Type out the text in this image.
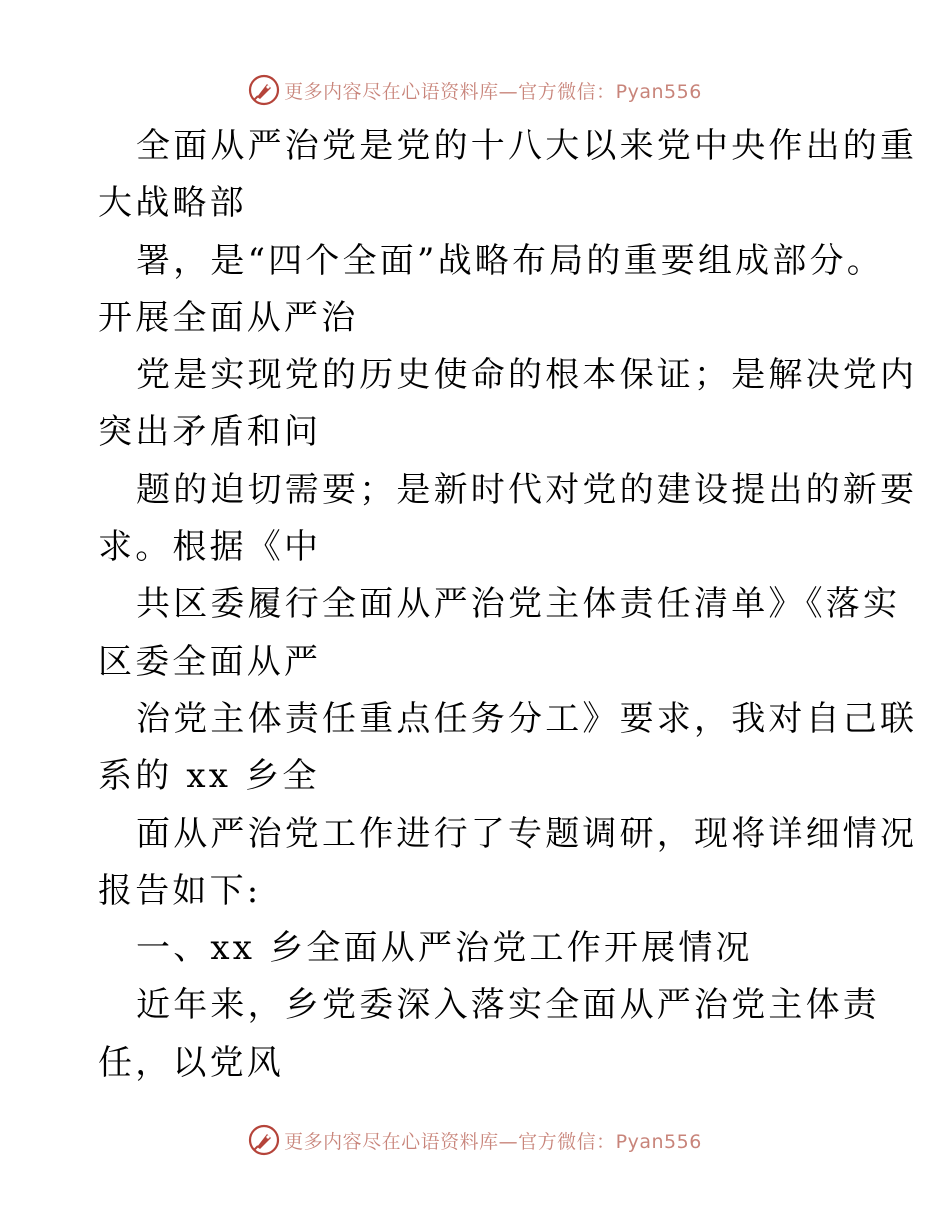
更多内容尽在心语资料库—官方微信：Pyan556
全面从严治党是党的十八大以来党中央作出的重
大战略部
署，是“四个全面”战略布局的重要组成部分。
开展全面从严治
党是实现党的历史使命的根本保证；是解决党内
突出矛盾和问
题的迫切需要；是新时代对党的建设提出的新要
求。根据《中
共区委履行全面从严治党主体责任清单》《落实
区委全面从严
治党主体责任重点任务分工》要求，我对自己联
系的 xx 乡全
面从严治党工作进行了专题调研，现将详细情况
报告如下:
一、xx 乡全面从严治党工作开展情况
近年来，乡党委深入落实全面从严治党主体责
任，以党风
更多内容尽在心语资料库—官方微信：Pyan556
